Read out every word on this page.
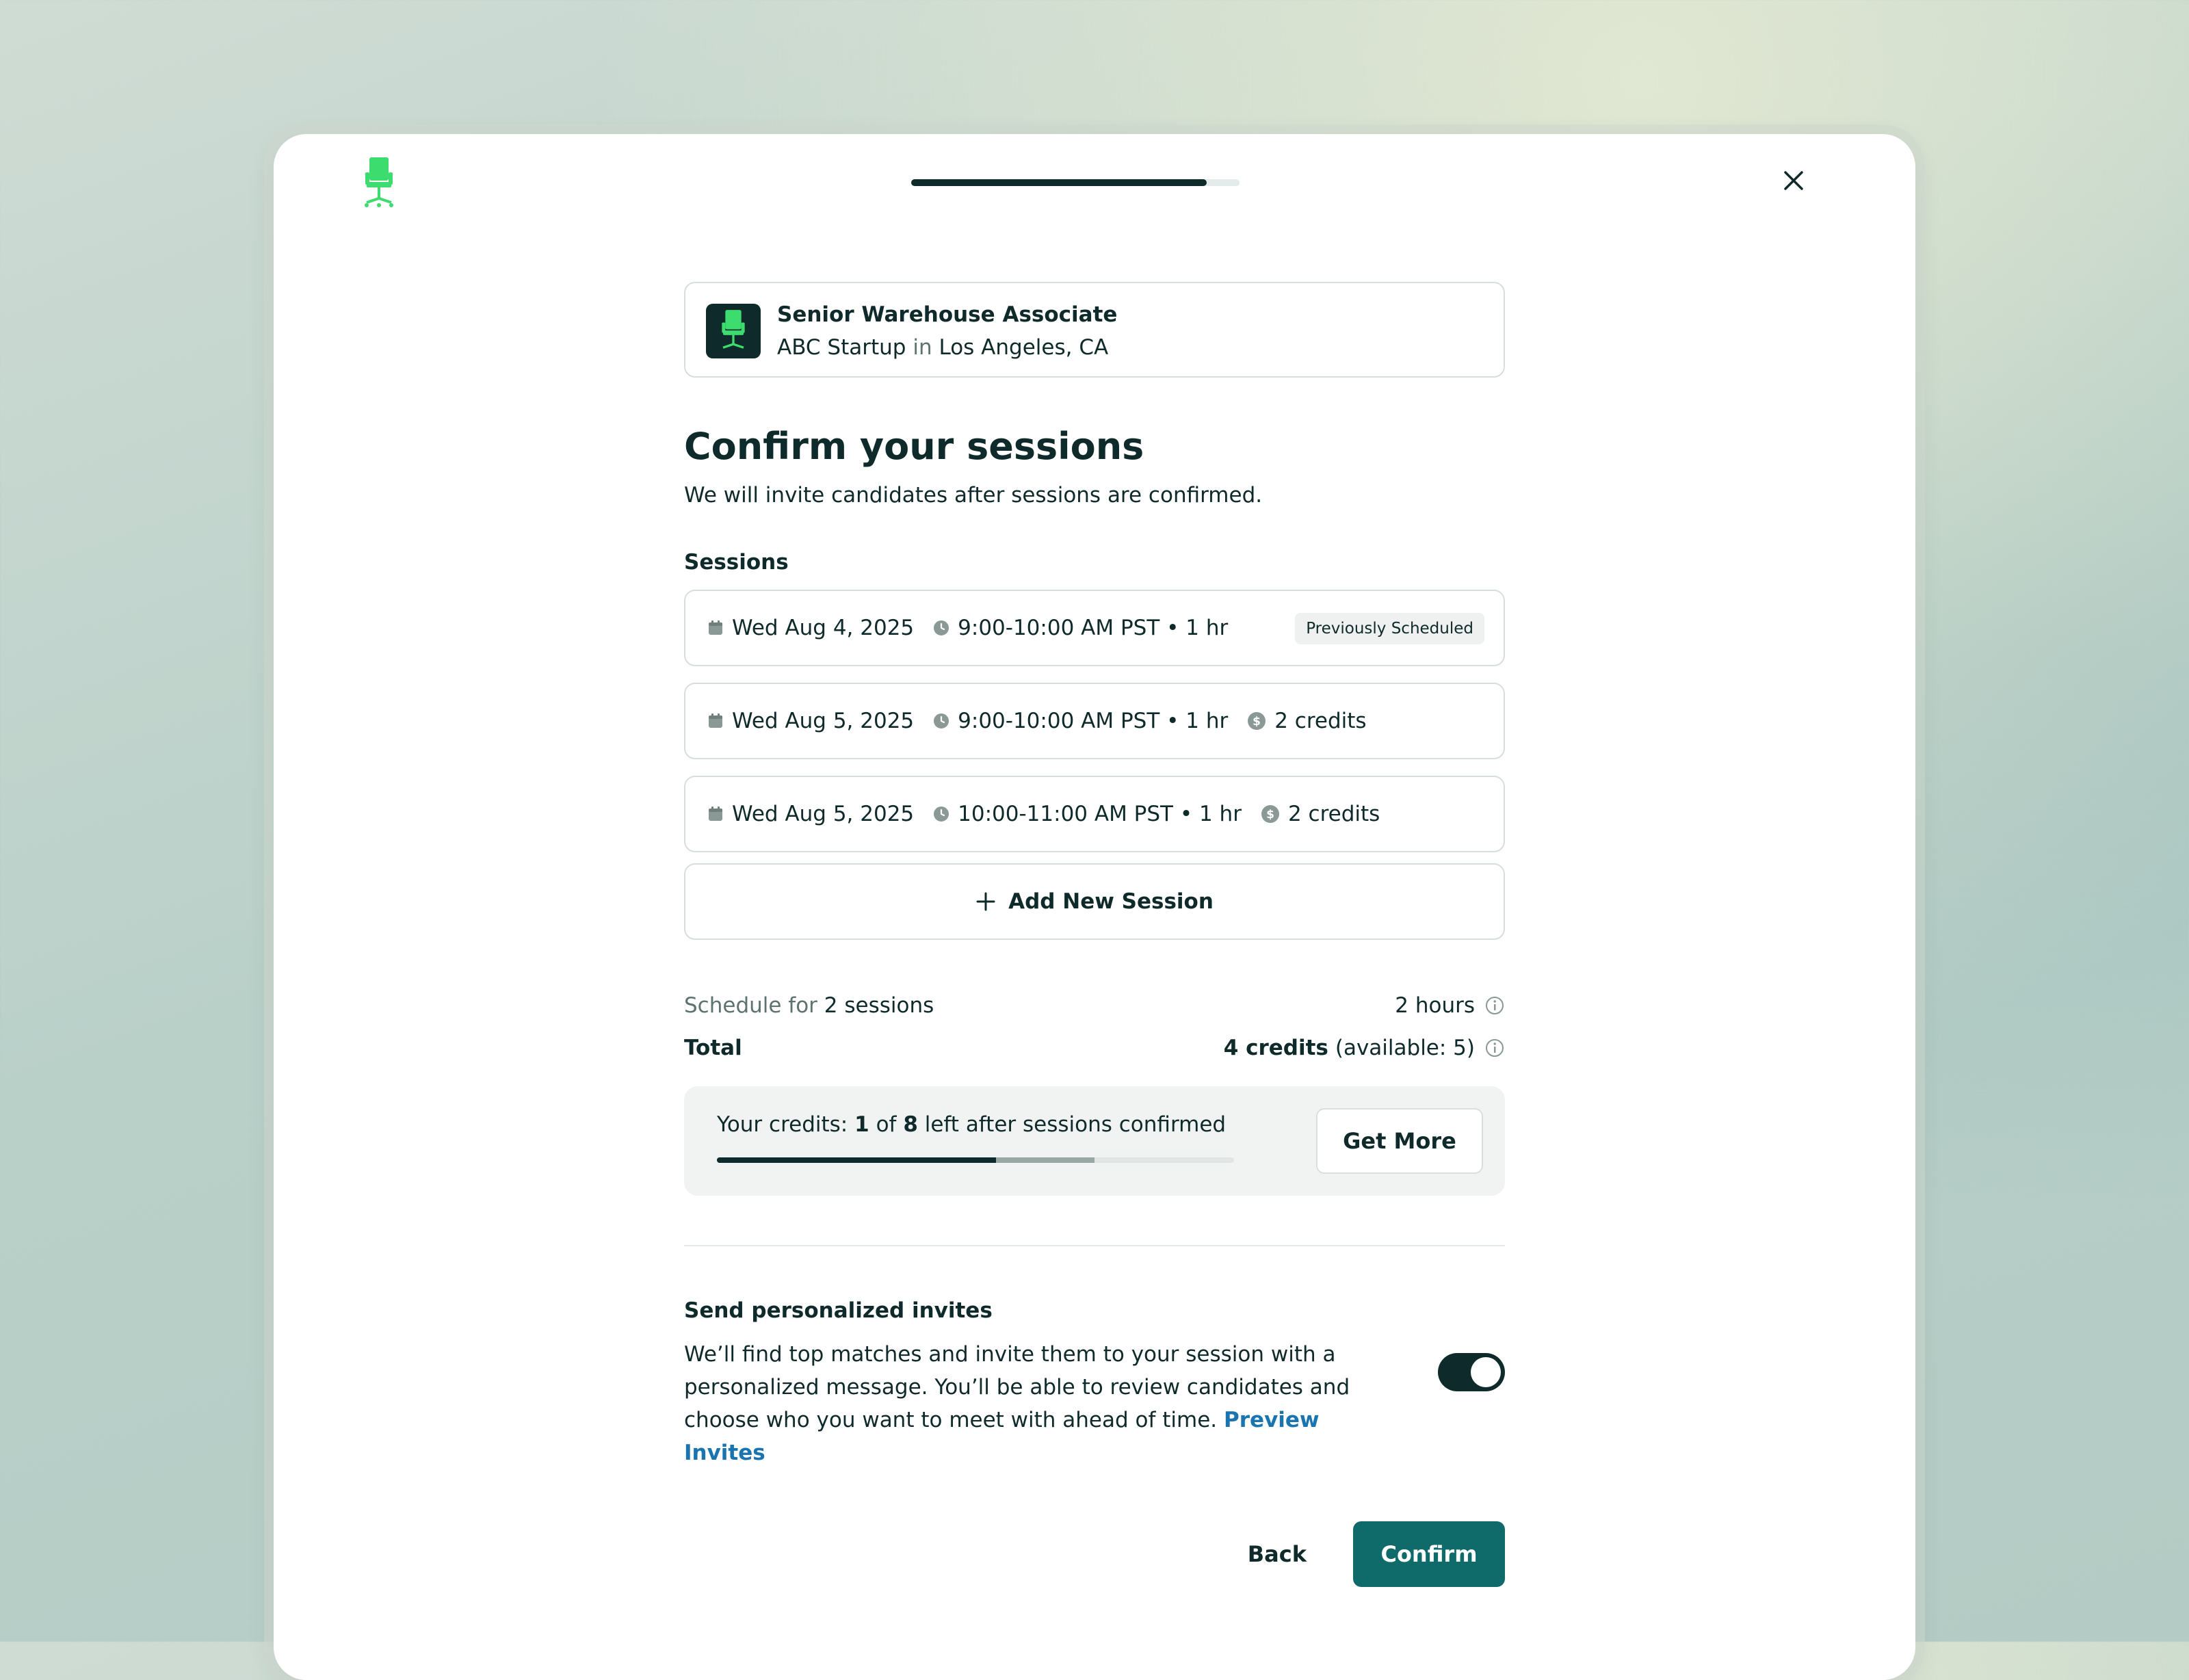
Senior Warehouse Associate
ABC Startup in Los Angeles, CA
Confirm your sessions
We will invite candidates after sessions are confirmed.
Sessions
Wed Aug 4, 2025 9:00-10:00 AM PST • 1 hr	Previously Scheduled
Wed Aug 5, 2025 9:00-10:00 AM PST • 1 hr $ 2 credits
Wed Aug 5, 2025 10:00-11:00 AM PST • 1 hr $ 2 credits
Add New Session
Schedule for 2 sessions	2 hours
Total	4 credits (available: 5)
Your credits: 1 of 8 left after sessions confirmed
Get More
Send personalized invites
We’ll find top matches and invite them to your session with a personalized message. You’ll be able to review candidates and choose who you want to meet with ahead of time. Preview Invites
Back	Confirm
